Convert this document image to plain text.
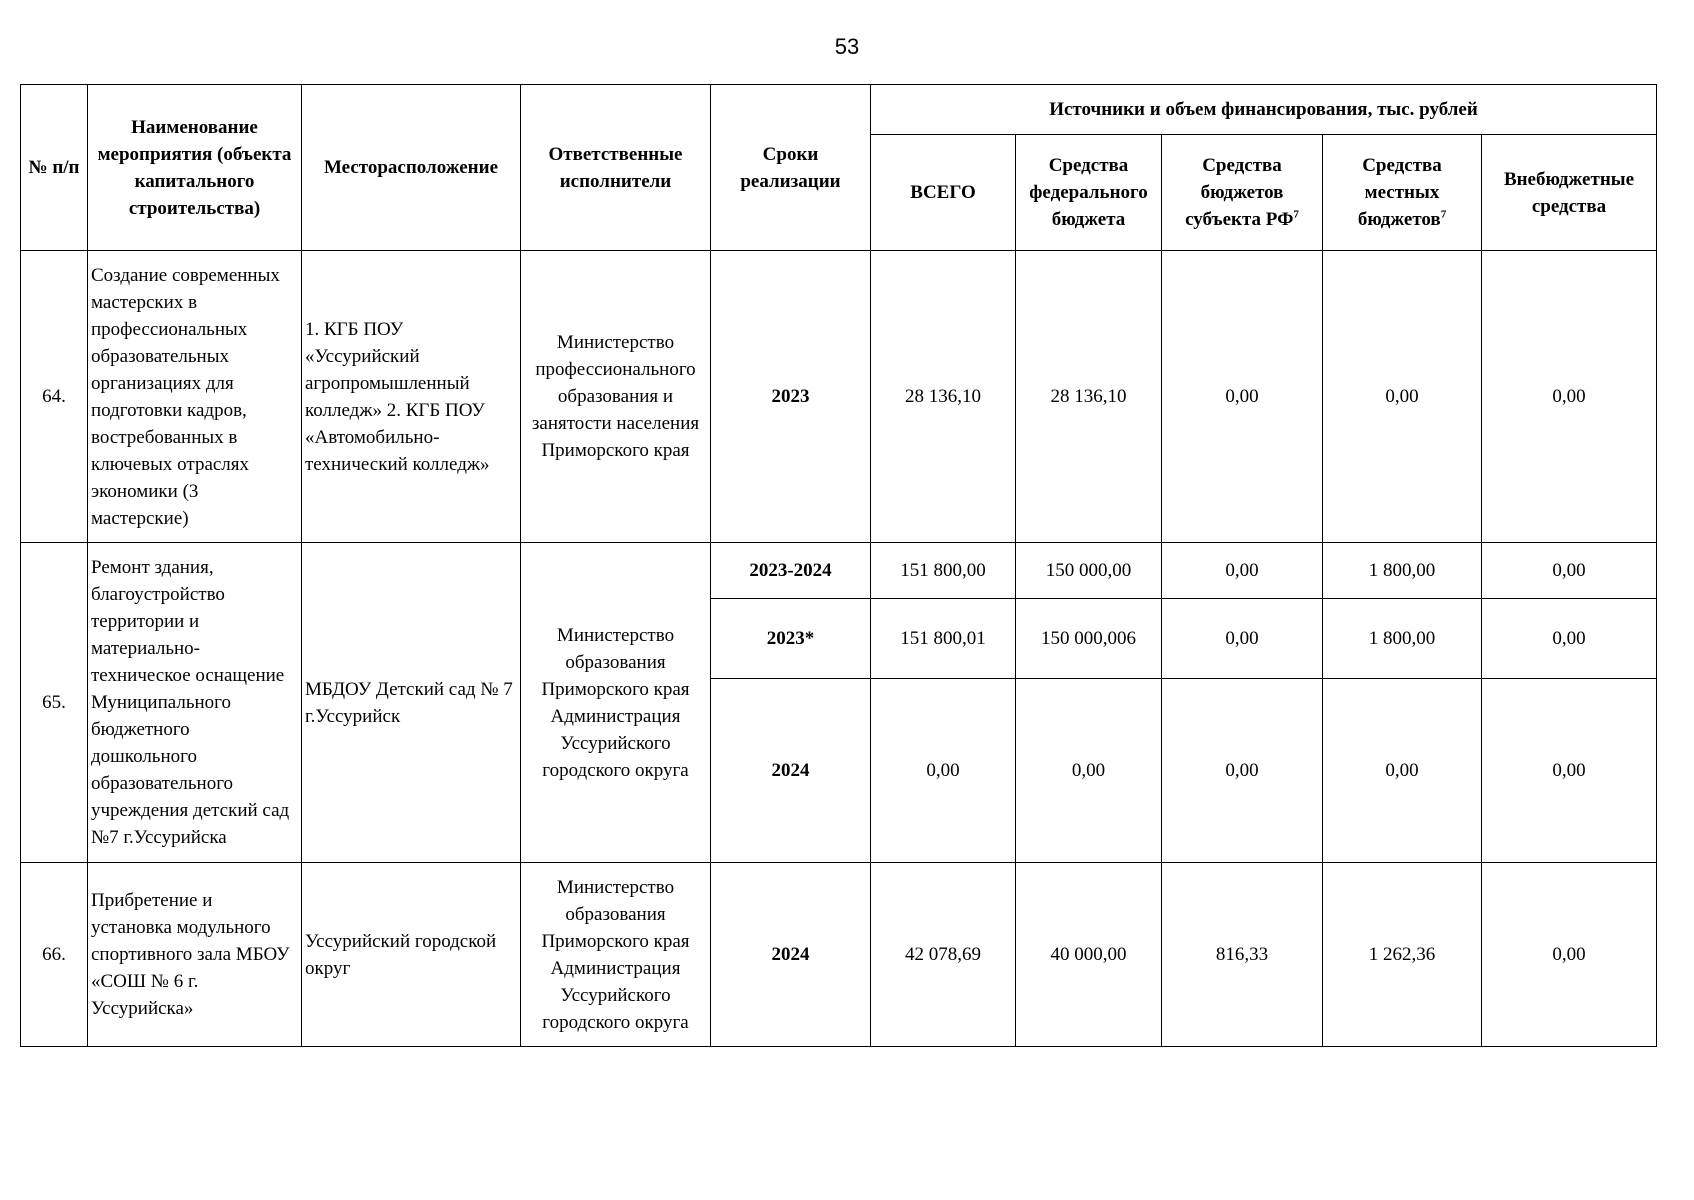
53
№ п/п	Наименование мероприятия (объекта капитального строительства)	Месторасположение	Ответственные исполнители	Сроки реализации	Источники и объем финансирования, тыс. рублей				
					ВСЕГО	Средства федерального бюджета	Средства бюджетов субъекта $РФ^7$	Средства местных бюджетов$^7$	Внебюджетные средства
64.	Создание современных мастерских в профессиональных образовательных организациях для подготовки кадров, востребованных в ключевых отраслях экономики (3 мастерские)	1. КГБ ПОУ «Уссурийский агропромышленный колледж» 2. КГБ ПОУ «Автомобильно-технический колледж»	Министерство профессионального образования и занятости населения Приморского края	2023	28 136,10	28 136,10	0,00	0,00	0,00
65.	Ремонт здания, благоустройство территории и материально-техническое оснащение Муниципального бюджетного дошкольного образовательного учреждения детский сад №7 г.Уссурийска	МБДОУ Детский сад № 7 г.Уссурийск	Министерство образования Приморского края Администрация Уссурийского городского округа	2023-2024	151 800,00	150 000,00	0,00	1 800,00	0,00
				2023*	151 800,01	150 000,006	0,00	1 800,00	0,00
				2024	0,00	0,00	0,00	0,00	0,00
66.	Прибретение и установка модульного спортивного зала МБОУ «СОШ № 6 г. Уссурийска»	Уссурийский городской округ	Министерство образования Приморского края Администрация Уссурийского городского округа	2024	42 078,69	40 000,00	816,33	1 262,36	0,00
